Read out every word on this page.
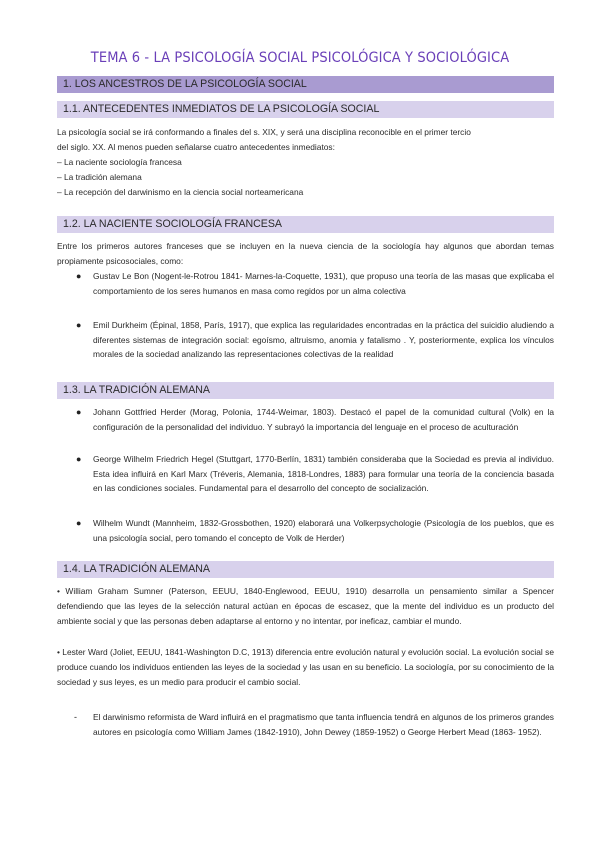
TEMA 6 - LA PSICOLOGÍA SOCIAL PSICOLÓGICA Y SOCIOLÓGICA
1. LOS ANCESTROS DE LA PSICOLOGÍA SOCIAL
1.1. ANTECEDENTES INMEDIATOS DE LA PSICOLOGÍA SOCIAL
La psicología social se irá conformando a finales del s. XIX, y será una disciplina reconocible en el primer tercio
del siglo. XX. Al menos pueden señalarse cuatro antecedentes inmediatos:
– La naciente sociología francesa
– La tradición alemana
– La recepción del darwinismo en la ciencia social norteamericana
1.2. LA NACIENTE SOCIOLOGÍA FRANCESA
Entre los primeros autores franceses que se incluyen en la nueva ciencia de la sociología hay algunos que abordan temas propiamente psicosociales, como:
● Gustav Le Bon (Nogent-le-Rotrou 1841- Marnes-la-Coquette, 1931), que propuso una teoría de las masas que explicaba el comportamiento de los seres humanos en masa como regidos por un alma colectiva
● Emil Durkheim (Épinal, 1858, París, 1917), que explica las regularidades encontradas en la práctica del suicidio aludiendo a diferentes sistemas de integración social: egoísmo, altruismo, anomia y fatalismo . Y, posteriormente, explica los vínculos morales de la sociedad analizando las representaciones colectivas de la realidad
1.3. LA TRADICIÓN ALEMANA
● Johann Gottfried Herder (Morag, Polonia, 1744-Weimar, 1803). Destacó el papel de la comunidad cultural (Volk) en la configuración de la personalidad del individuo. Y subrayó la importancia del lenguaje en el proceso de aculturación
● George Wilhelm Friedrich Hegel (Stuttgart, 1770-Berlín, 1831) también consideraba que la Sociedad es previa al individuo. Esta idea influirá en Karl Marx (Tréveris, Alemania, 1818-Londres, 1883) para formular una teoría de la conciencia basada en las condiciones sociales. Fundamental para el desarrollo del concepto de socialización.
● Wilhelm Wundt (Mannheim, 1832-Grossbothen, 1920) elaborará una Volkerpsychologie (Psicología de los pueblos, que es una psicología social, pero tomando el concepto de Volk de Herder)
1.4. LA TRADICIÓN ALEMANA
• William Graham Sumner (Paterson, EEUU, 1840-Englewood, EEUU, 1910) desarrolla un pensamiento similar a Spencer defendiendo que las leyes de la selección natural actúan en épocas de escasez, que la mente del individuo es un producto del ambiente social y que las personas deben adaptarse al entorno y no intentar, por ineficaz, cambiar el mundo.
• Lester Ward (Joliet, EEUU, 1841-Washington D.C, 1913) diferencia entre evolución natural y evolución social. La evolución social se produce cuando los individuos entienden las leyes de la sociedad y las usan en su beneficio. La sociología, por su conocimiento de la sociedad y sus leyes, es un medio para producir el cambio social.
- El darwinismo reformista de Ward influirá en el pragmatismo que tanta influencia tendrá en algunos de los primeros grandes autores en psicología como William James (1842-1910), John Dewey (1859-1952) o George Herbert Mead (1863- 1952).
